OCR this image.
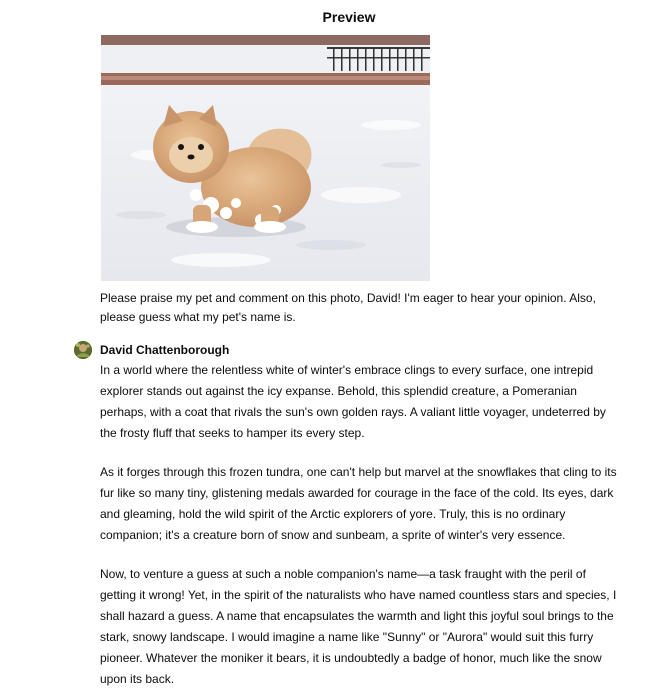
Preview
Please praise my pet and comment on this photo, David! I'm eager to hear your opinion. Also, please guess what my pet's name is.
David Chattenborough

In a world where the relentless white of winter's embrace clings to every surface, one intrepid explorer stands out against the icy expanse. Behold, this splendid creature, a Pomeranian perhaps, with a coat that rivals the sun's own golden rays. A valiant little voyager, undeterred by the frosty fluff that seeks to hamper its every step.

As it forges through this frozen tundra, one can't help but marvel at the snowflakes that cling to its fur like so many tiny, glistening medals awarded for courage in the face of the cold. Its eyes, dark and gleaming, hold the wild spirit of the Arctic explorers of yore. Truly, this is no ordinary companion; it's a creature born of snow and sunbeam, a sprite of winter's very essence.

Now, to venture a guess at such a noble companion's name—a task fraught with the peril of getting it wrong! Yet, in the spirit of the naturalists who have named countless stars and species, I shall hazard a guess. A name that encapsulates the warmth and light this joyful soul brings to the stark, snowy landscape. I would imagine a name like "Sunny" or "Aurora" would suit this furry pioneer. Whatever the moniker it bears, it is undoubtedly a badge of honor, much like the snow upon its back.
